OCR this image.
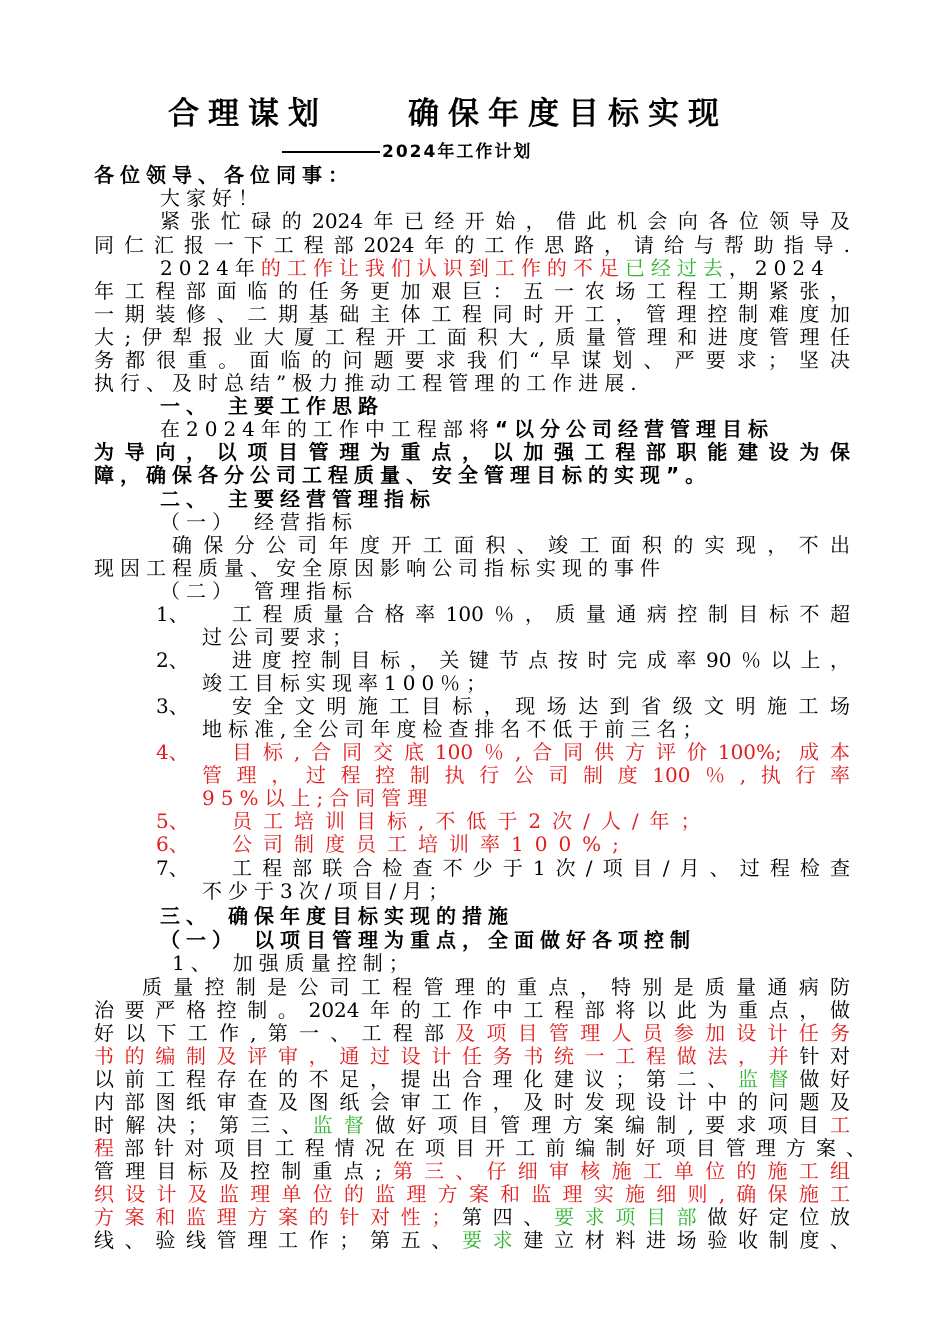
合理谋划　　确保年度目标实现
2024年工作计划
各位领导、各位同事：
大家好！
紧张忙碌的2024年已经开始，借此机会向各位领导及
同仁汇报一下工程部2024年的工作思路，请给与帮助指导.
2024年的工作让我们认识到工作的不足已经过去，2024
年工程部面临的任务更加艰巨：五一农场工程工期紧张，
一期装修、二期基础主体工程同时开工，管理控制难度加
大;伊犁报业大厦工程开工面积大,质量管理和进度管理任
务都很重。面临的问题要求我们“早谋划、严要求；坚决
执行、及时总结”极力推动工程管理的工作进展.
一、　主要工作思路
在2024年的工作中工程部将“以分公司经营管理目标
为导向，以项目管理为重点，以加强工程部职能建设为保
障，确保各分公司工程质量、安全管理目标的实现”。
二、　主要经营管理指标
（一）　经营指标
确保分公司年度开工面积、竣工面积的实现，不出
现因工程质量、安全原因影响公司指标实现的事件
（二）　管理指标
1、 工程质量合格率100％，质量通病控制目标不超
过公司要求；
2、 进度控制目标，关键节点按时完成率90％以上，
竣工目标实现率100％；
3、 安全文明施工目标，现场达到省级文明施工场
地标准,全公司年度检查排名不低于前三名；
4、 目标,合同交底100％,合同供方评价100%; 成本
管理，过程控制执行公司制度100％,执行率
95%以上;合同管理
5、 员工培训目标,不低于2次/人/年；
6、 公司制度员工培训率100%;
7、 工程部联合检查不少于1次/项目/月、过程检查
不少于3次/项目/月；
三、　确保年度目标实现的措施
（一）　以项目管理为重点，全面做好各项控制
1、　加强质量控制；
质量控制是公司工程管理的重点，特别是质量通病防
治要严格控制。2024年的工作中工程部将以此为重点，做
好以下工作,第一、工程部及项目管理人员参加设计任务
书的编制及评审，通过设计任务书统一工程做法，并针对
以前工程存在的不足，提出合理化建议；第二、监督做好
内部图纸审查及图纸会审工作，及时发现设计中的问题及
时解决；第三、监督做好项目管理方案编制,要求项目工
程部针对项目工程情况在项目开工前编制好项目管理方案、
管理目标及控制重点;第三、仔细审核施工单位的施工组
织设计及监理单位的监理方案和监理实施细则,确保施工
方案和监理方案的针对性；第四、要求项目部做好定位放
线、验线管理工作；第五、要求建立材料进场验收制度、
